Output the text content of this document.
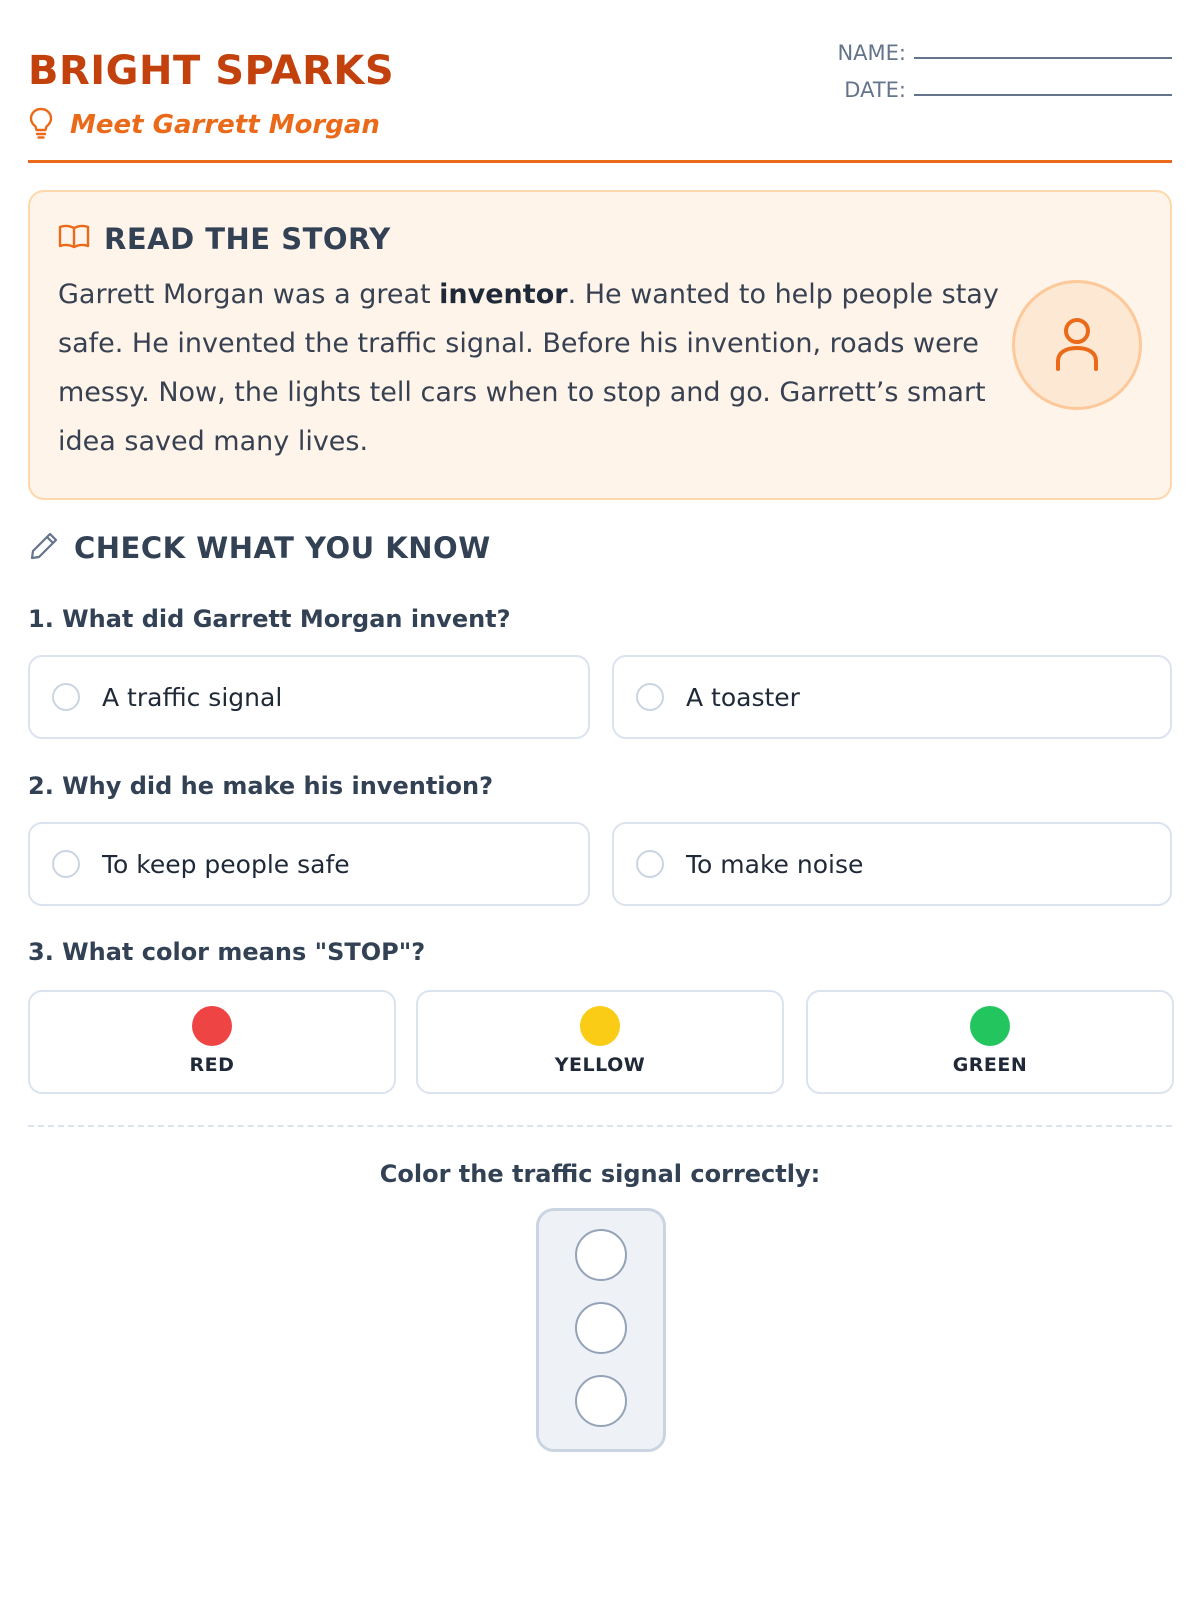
BRIGHT SPARKS
Meet Garrett Morgan
NAME:
DATE:
READ THE STORY

Garrett Morgan was a great inventor. He wanted to help people stay safe. He invented the traffic signal. Before his invention, roads were messy. Now, the lights tell cars when to stop and go. Garrett’s smart idea saved many lives.

CHECK WHAT YOU KNOW
1. What did Garrett Morgan invent?
A traffic signal	A toaster
2. Why did he make his invention?
To keep people safe	To make noise
3. What color means "STOP"?
RED	YELLOW	GREEN
Color the traffic signal correctly:
